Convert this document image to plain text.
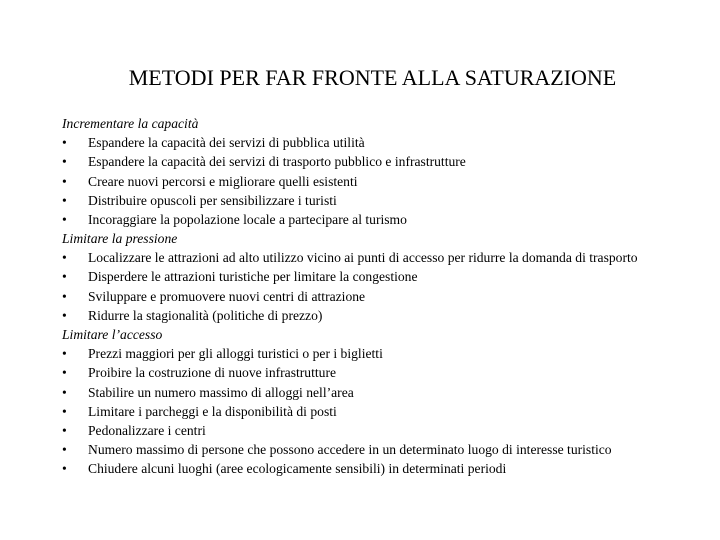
METODI PER FAR FRONTE ALLA SATURAZIONE
Incrementare la capacità
• Espandere la capacità dei servizi di pubblica utilità
• Espandere la capacità dei servizi di trasporto pubblico e infrastrutture
• Creare nuovi percorsi e migliorare quelli esistenti
• Distribuire opuscoli per sensibilizzare i turisti
• Incoraggiare la popolazione locale a partecipare al turismo
Limitare la pressione
• Localizzare le attrazioni ad alto utilizzo vicino ai punti di accesso per ridurre la domanda di trasporto
• Disperdere le attrazioni turistiche per limitare la congestione
• Sviluppare e promuovere nuovi centri di attrazione
• Ridurre la stagionalità (politiche di prezzo)
Limitare l’accesso
• Prezzi maggiori per gli alloggi turistici o per i biglietti
• Proibire la costruzione di nuove infrastrutture
• Stabilire un numero massimo di alloggi nell’area
• Limitare i parcheggi e la disponibilità di posti
• Pedonalizzare i centri
• Numero massimo di persone che possono accedere in un determinato luogo di interesse turistico
• Chiudere alcuni luoghi (aree ecologicamente sensibili) in determinati periodi
